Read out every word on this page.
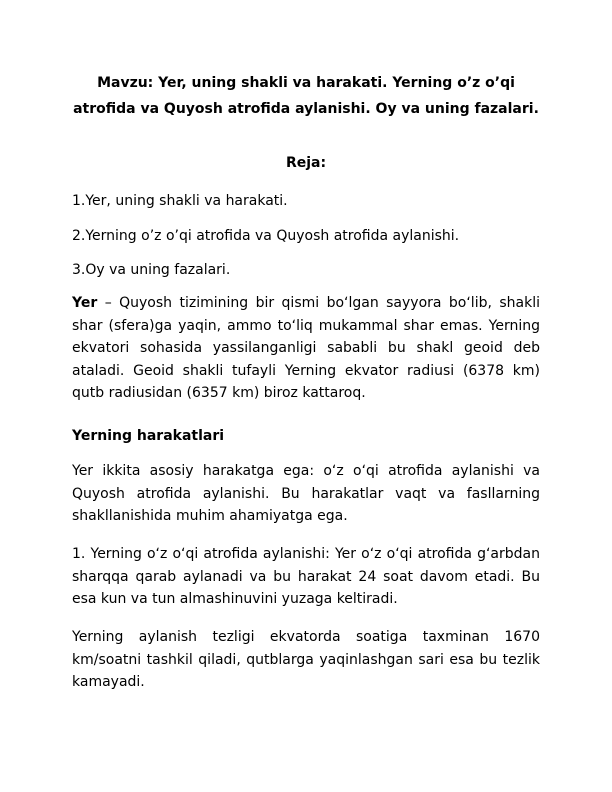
Mavzu: Yer, uning shakli va harakati. Yerning o’z o’qi atrofida va Quyosh atrofida aylanishi. Oy va uning fazalari.
Reja:

1.Yer, uning shakli va harakati.

2.Yerning o’z o’qi atrofida va Quyosh atrofida aylanishi.

3.Oy va uning fazalari.

Yer – Quyosh tizimining bir qismi boʻlgan sayyora boʻlib, shakli shar (sfera)ga yaqin, ammo toʻliq mukammal shar emas. Yerning ekvatori sohasida yassilanganligi sababli bu shakl geoid deb ataladi. Geoid shakli tufayli Yerning ekvator radiusi (6378 km) qutb radiusidan (6357 km) biroz kattaroq.

Yerning harakatlari

Yer ikkita asosiy harakatga ega: oʻz oʻqi atrofida aylanishi va Quyosh atrofida aylanishi. Bu harakatlar vaqt va fasllarning shakllanishida muhim ahamiyatga ega.

1. Yerning oʻz oʻqi atrofida aylanishi: Yer oʻz oʻqi atrofida gʻarbdan sharqqa qarab aylanadi va bu harakat 24 soat davom etadi. Bu esa kun va tun almashinuvini yuzaga keltiradi.

Yerning aylanish tezligi ekvatorda soatiga taxminan 1670 km/soatni tashkil qiladi, qutblarga yaqinlashgan sari esa bu tezlik kamayadi.
